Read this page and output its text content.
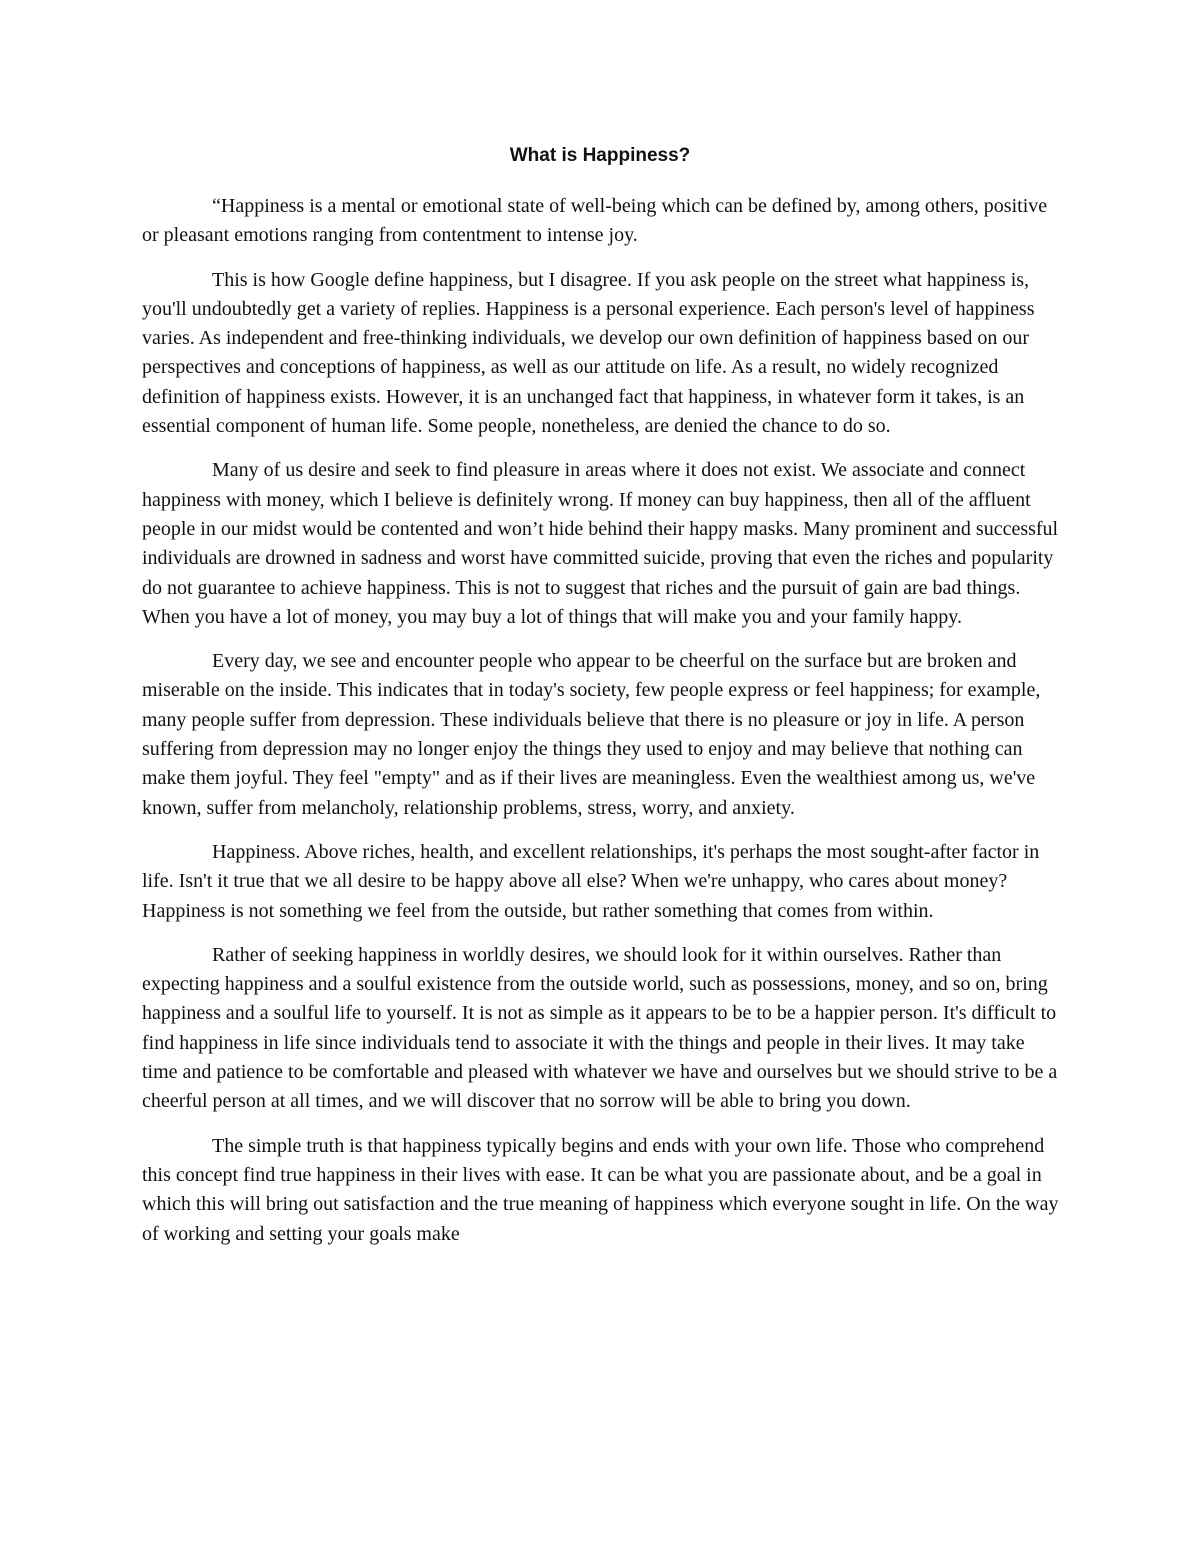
What is Happiness?

“Happiness is a mental or emotional state of well-being which can be defined by, among others, positive or pleasant emotions ranging from contentment to intense joy.

This is how Google define happiness, but I disagree. If you ask people on the street what happiness is, you'll undoubtedly get a variety of replies. Happiness is a personal experience. Each person's level of happiness varies. As independent and free-thinking individuals, we develop our own definition of happiness based on our perspectives and conceptions of happiness, as well as our attitude on life. As a result, no widely recognized definition of happiness exists. However, it is an unchanged fact that happiness, in whatever form it takes, is an essential component of human life. Some people, nonetheless, are denied the chance to do so.

Many of us desire and seek to find pleasure in areas where it does not exist. We associate and connect happiness with money, which I believe is definitely wrong. If money can buy happiness, then all of the affluent people in our midst would be contented and won’t hide behind their happy masks. Many prominent and successful individuals are drowned in sadness and worst have committed suicide, proving that even the riches and popularity do not guarantee to achieve happiness. This is not to suggest that riches and the pursuit of gain are bad things. When you have a lot of money, you may buy a lot of things that will make you and your family happy.

Every day, we see and encounter people who appear to be cheerful on the surface but are broken and miserable on the inside. This indicates that in today's society, few people express or feel happiness; for example, many people suffer from depression. These individuals believe that there is no pleasure or joy in life. A person suffering from depression may no longer enjoy the things they used to enjoy and may believe that nothing can make them joyful. They feel "empty" and as if their lives are meaningless. Even the wealthiest among us, we've known, suffer from melancholy, relationship problems, stress, worry, and anxiety.

Happiness. Above riches, health, and excellent relationships, it's perhaps the most sought-after factor in life. Isn't it true that we all desire to be happy above all else? When we're unhappy, who cares about money? Happiness is not something we feel from the outside, but rather something that comes from within.

Rather of seeking happiness in worldly desires, we should look for it within ourselves. Rather than expecting happiness and a soulful existence from the outside world, such as possessions, money, and so on, bring happiness and a soulful life to yourself. It is not as simple as it appears to be to be a happier person. It's difficult to find happiness in life since individuals tend to associate it with the things and people in their lives. It may take time and patience to be comfortable and pleased with whatever we have and ourselves but we should strive to be a cheerful person at all times, and we will discover that no sorrow will be able to bring you down.

The simple truth is that happiness typically begins and ends with your own life. Those who comprehend this concept find true happiness in their lives with ease. It can be what you are passionate about, and be a goal in which this will bring out satisfaction and the true meaning of happiness which everyone sought in life. On the way of working and setting your goals make
